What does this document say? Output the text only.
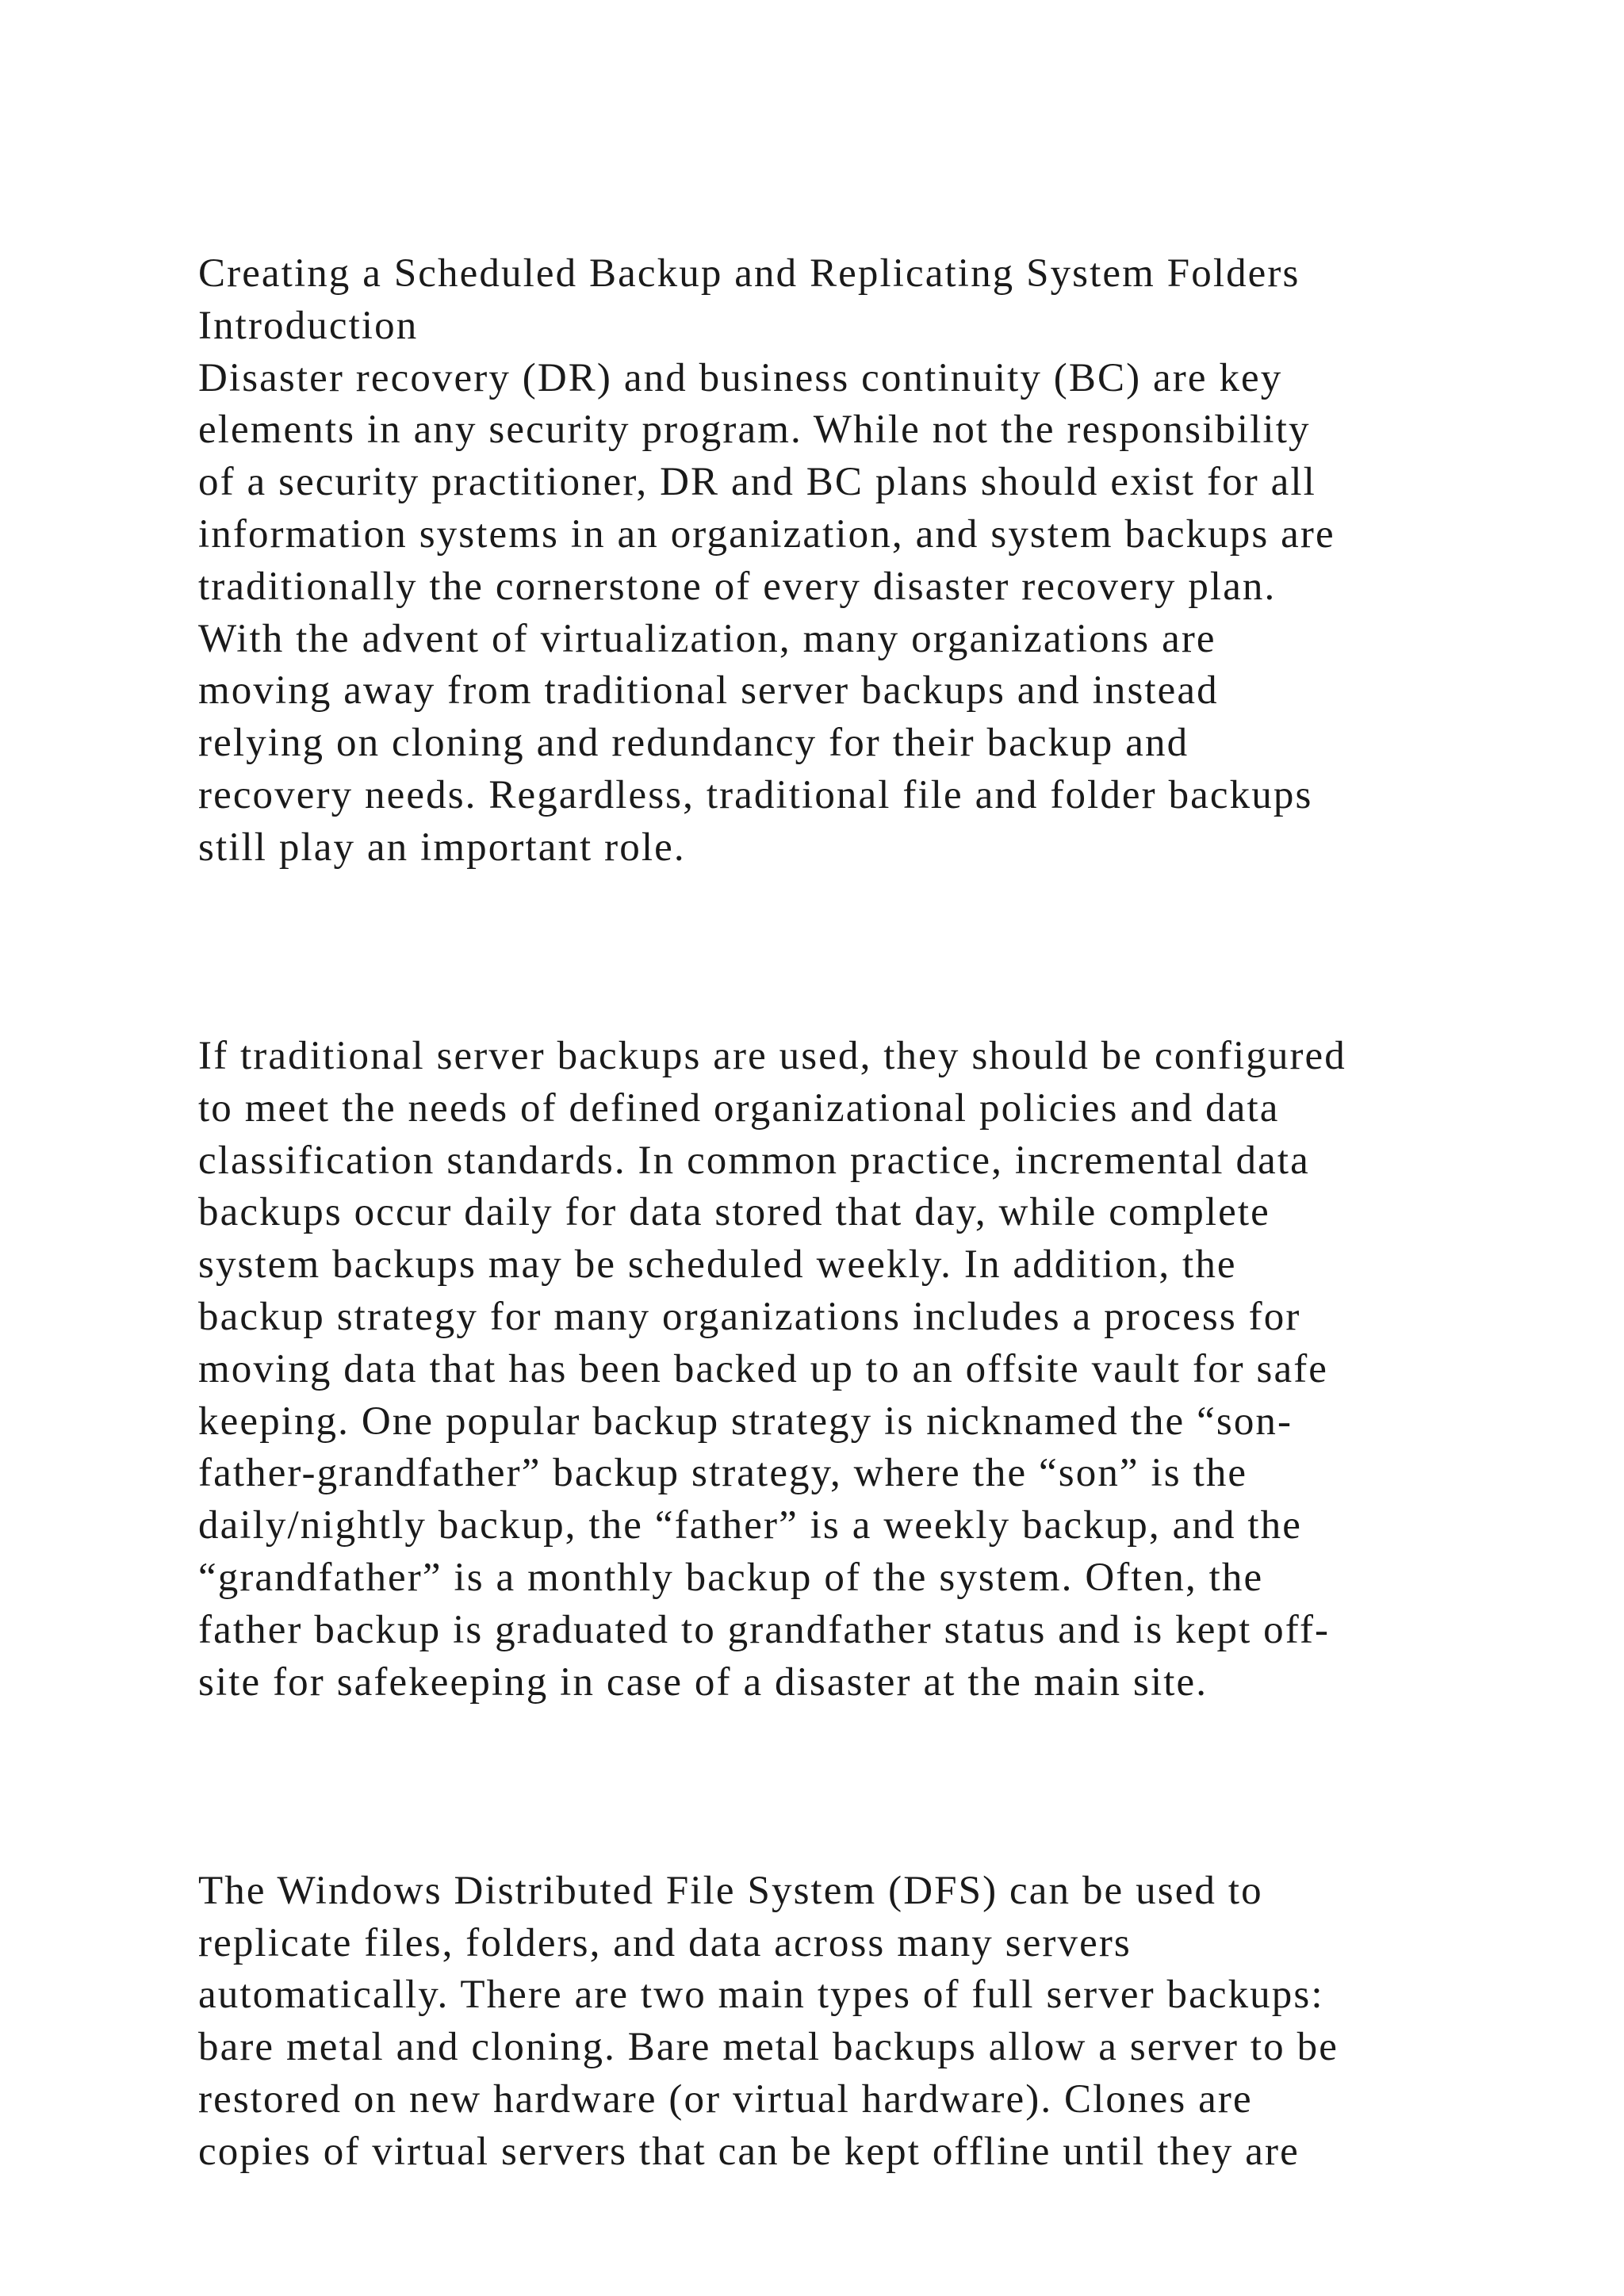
Creating a Scheduled Backup and Replicating System Folders
Introduction
Disaster recovery (DR) and business continuity (BC) are key
elements in any security program. While not the responsibility
of a security practitioner, DR and BC plans should exist for all
information systems in an organization, and system backups are
traditionally the cornerstone of every disaster recovery plan.
With the advent of virtualization, many organizations are
moving away from traditional server backups and instead
relying on cloning and redundancy for their backup and
recovery needs. Regardless, traditional file and folder backups
still play an important role.
If traditional server backups are used, they should be configured
to meet the needs of defined organizational policies and data
classification standards. In common practice, incremental data
backups occur daily for data stored that day, while complete
system backups may be scheduled weekly. In addition, the
backup strategy for many organizations includes a process for
moving data that has been backed up to an offsite vault for safe
keeping. One popular backup strategy is nicknamed the “son-
father-grandfather” backup strategy, where the “son” is the
daily/nightly backup, the “father” is a weekly backup, and the
“grandfather” is a monthly backup of the system. Often, the
father backup is graduated to grandfather status and is kept off-
site for safekeeping in case of a disaster at the main site.
The Windows Distributed File System (DFS) can be used to
replicate files, folders, and data across many servers
automatically. There are two main types of full server backups:
bare metal and cloning. Bare metal backups allow a server to be
restored on new hardware (or virtual hardware). Clones are
copies of virtual servers that can be kept offline until they are
